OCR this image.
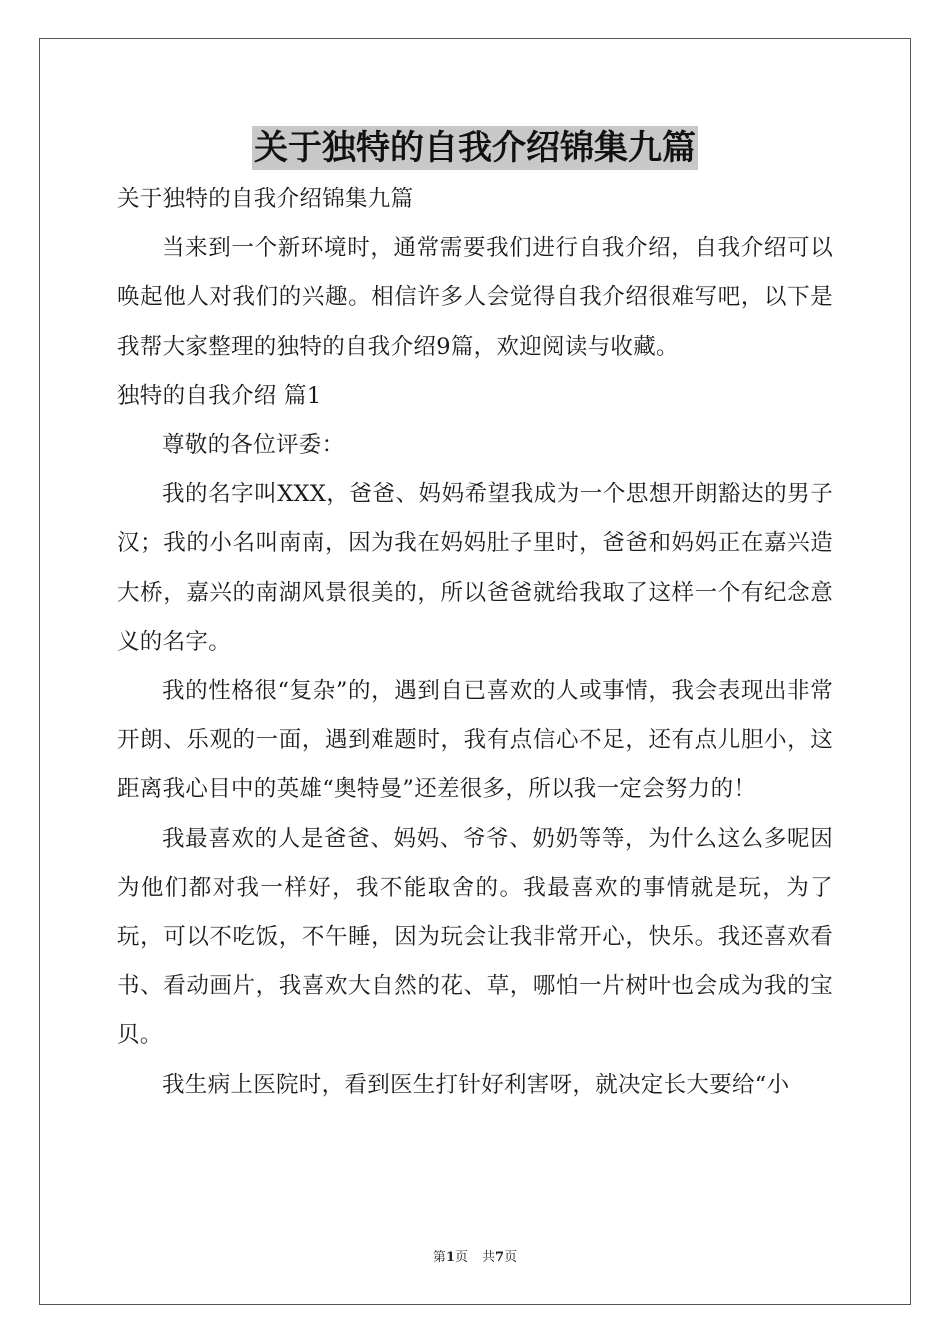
关于独特的自我介绍锦集九篇

关于独特的自我介绍锦集九篇

当来到一个新环境时，通常需要我们进行自我介绍，自我介绍可以唤起他人对我们的兴趣。相信许多人会觉得自我介绍很难写吧，以下是我帮大家整理的独特的自我介绍9篇，欢迎阅读与收藏。

独特的自我介绍 篇1

尊敬的各位评委：

我的名字叫XXX，爸爸、妈妈希望我成为一个思想开朗豁达的男子汉；我的小名叫南南，因为我在妈妈肚子里时，爸爸和妈妈正在嘉兴造大桥，嘉兴的南湖风景很美的，所以爸爸就给我取了这样一个有纪念意义的名字。

我的性格很“复杂”的，遇到自已喜欢的人或事情，我会表现出非常开朗、乐观的一面，遇到难题时，我有点信心不足，还有点儿胆小，这距离我心目中的英雄“奥特曼”还差很多，所以我一定会努力的！

我最喜欢的人是爸爸、妈妈、爷爷、奶奶等等，为什么这么多呢因为他们都对我一样好，我不能取舍的。我最喜欢的事情就是玩，为了玩，可以不吃饭，不午睡，因为玩会让我非常开心，快乐。我还喜欢看书、看动画片，我喜欢大自然的花、草，哪怕一片树叶也会成为我的宝贝。

我生病上医院时，看到医生打针好利害呀，就决定长大要给“小

第1页 共7页
